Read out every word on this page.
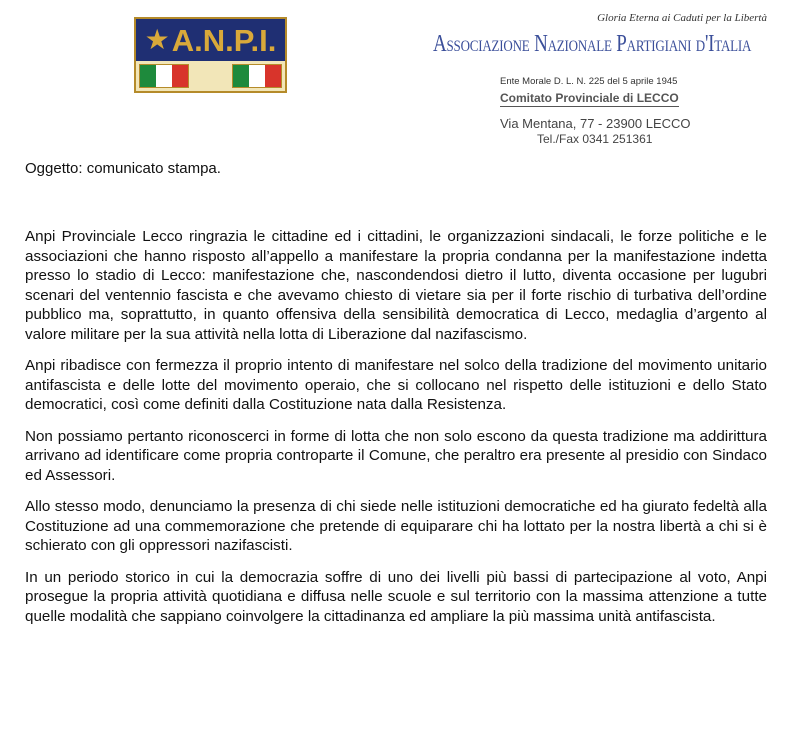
★ A.N.P.I.
Gloria Eterna ai Caduti per la Libertà
Associazione Nazionale Partigiani d'Italia
Ente Morale D. L. N. 225 del 5 aprile 1945
Comitato Provinciale di LECCO
Via Mentana, 77 - 23900 LECCO
Tel./Fax 0341 251361
Oggetto: comunicato stampa.

Anpi Provinciale Lecco ringrazia le cittadine ed i cittadini, le organizzazioni sindacali, le forze politiche e le associazioni che hanno risposto all’appello a manifestare la propria condanna per la manifestazione indetta presso lo stadio di Lecco: manifestazione che, nascondendosi dietro il lutto, diventa occasione per lugubri scenari del ventennio fascista e che avevamo chiesto di vietare sia per il forte rischio di turbativa dell’ordine pubblico ma, soprattutto, in quanto offensiva della sensibilità democratica di Lecco, medaglia d’argento al valore militare per la sua attività nella lotta di Liberazione dal nazifascismo.

Anpi ribadisce con fermezza il proprio intento di manifestare nel solco della tradizione del movimento unitario antifascista e delle lotte del movimento operaio, che si collocano nel rispetto delle istituzioni e dello Stato democratici, così come definiti dalla Costituzione nata dalla Resistenza.

Non possiamo pertanto riconoscerci in forme di lotta che non solo escono da questa tradizione ma addirittura arrivano ad identificare come propria controparte il Comune, che peraltro era presente al presidio con Sindaco ed Assessori.

Allo stesso modo, denunciamo la presenza di chi siede nelle istituzioni democratiche ed ha giurato fedeltà alla Costituzione ad una commemorazione che pretende di equiparare chi ha lottato per la nostra libertà a chi si è schierato con gli oppressori nazifascisti.

In un periodo storico in cui la democrazia soffre di uno dei livelli più bassi di partecipazione al voto, Anpi prosegue la propria attività quotidiana e diffusa nelle scuole e sul territorio con la massima attenzione a tutte quelle modalità che sappiano coinvolgere la cittadinanza ed ampliare la più massima unità antifascista.
